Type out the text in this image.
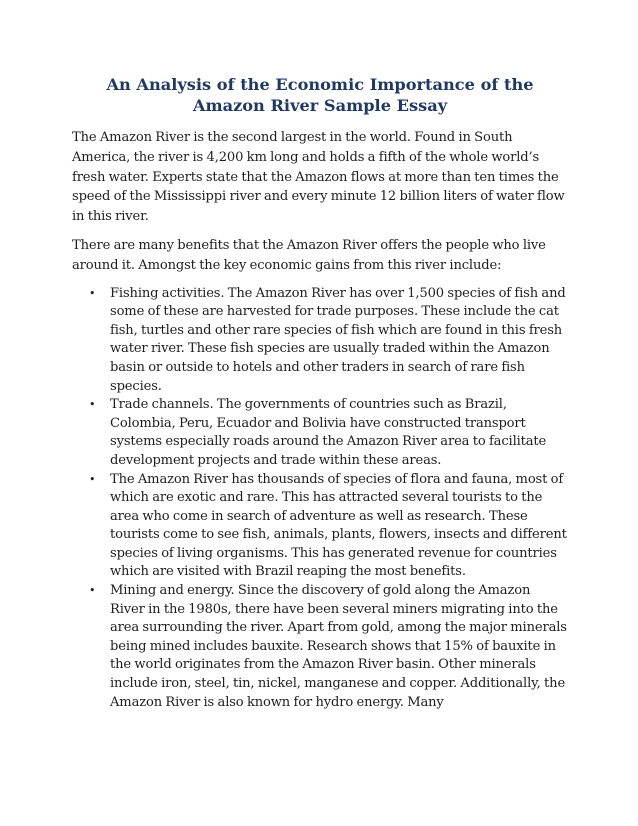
An Analysis of the Economic Importance of the
Amazon River Sample Essay

The Amazon River is the second largest in the world. Found in South America, the river is 4,200 km long and holds a fifth of the whole world’s fresh water. Experts state that the Amazon flows at more than ten times the speed of the Mississippi river and every minute 12 billion liters of water flow in this river.

There are many benefits that the Amazon River offers the people who live around it. Amongst the key economic gains from this river include:

• Fishing activities. The Amazon River has over 1,500 species of fish and some of these are harvested for trade purposes. These include the cat fish, turtles and other rare species of fish which are found in this fresh water river. These fish species are usually traded within the Amazon basin or outside to hotels and other traders in search of rare fish species.
• Trade channels. The governments of countries such as Brazil, Colombia, Peru, Ecuador and Bolivia have constructed transport systems especially roads around the Amazon River area to facilitate development projects and trade within these areas.
• The Amazon River has thousands of species of flora and fauna, most of which are exotic and rare. This has attracted several tourists to the area who come in search of adventure as well as research. These tourists come to see fish, animals, plants, flowers, insects and different species of living organisms. This has generated revenue for countries which are visited with Brazil reaping the most benefits.
• Mining and energy. Since the discovery of gold along the Amazon River in the 1980s, there have been several miners migrating into the area surrounding the river. Apart from gold, among the major minerals being mined includes bauxite. Research shows that 15% of bauxite in the world originates from the Amazon River basin. Other minerals include iron, steel, tin, nickel, manganese and copper. Additionally, the Amazon River is also known for hydro energy. Many
